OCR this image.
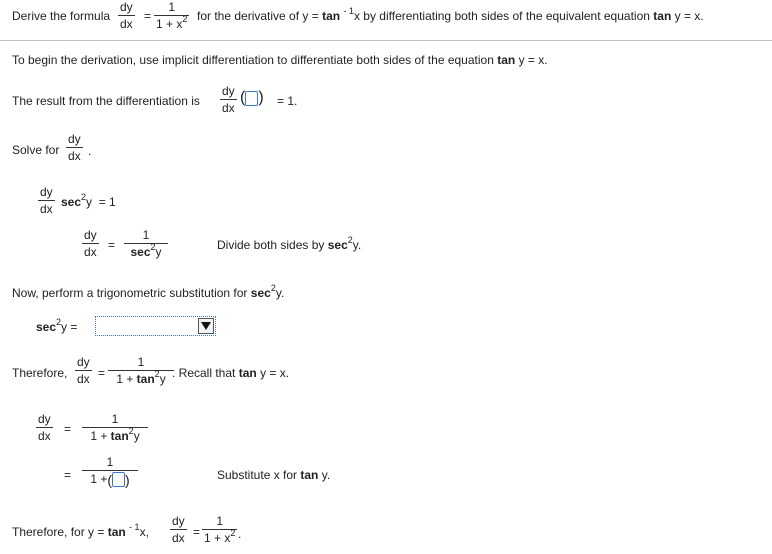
Derive the formula
dy
dx
=
1
$1 + x^2$ for the derivative of y = tan $^{- 1}$x by differentiating both sides of the equivalent equation tan y = x.
To begin the derivation, use implicit differentiation to differentiate both sides of the equation tan y = x.
The result from the differentiation is
dy
dx
( ) = 1.
Solve for
dy
dx .
dy
dx $\sec^2y = 1$
dy
dx =
1
$\sec^2y$	Divide both sides by $\sec^2y$.
Now, perform a trigonometric substitution for $\sec^2y$.
$\sec^2y$ =
Therefore,
dy
dx =
1
$1 + \tan^2y$ . Recall that tan y = x.
dy
dx =
1
$1 + \tan^2y$
=
1
1 +( )	Substitute x for tan y.
Therefore, for y = tan $^{- 1}$x,
dy
dx =
1
$1 + x^2$ .
